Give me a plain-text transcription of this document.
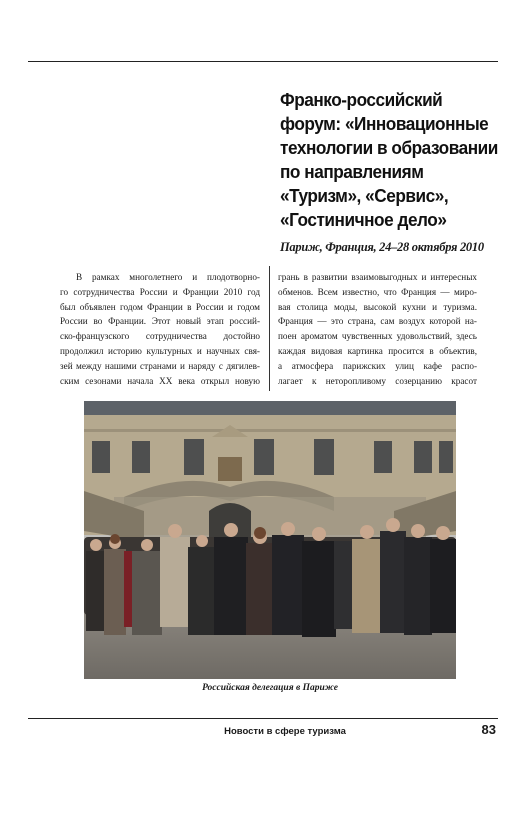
Франко-российский
форум: «Инновационные
технологии в образовании
по направлениям
«Туризм», «Сервис»,
«Гостиничное дело»
Париж, Франция, 24–28 октября 2010
В рамках многолетнего и плодотворно-
го сотрудничества России и Франции 2010 год
был объявлен годом Франции в России и годом
России во Франции. Этот новый этап россий-
ско-французского сотрудничества достойно
продолжил историю культурных и научных свя-
зей между нашими странами и наряду с дягилев-
ским сезонами начала XX века открыл новую
грань в развитии взаимовыгодных и интересных
обменов. Всем известно, что Франция — миро-
вая столица моды, высокой кухни и туризма.
Франция — это страна, сам воздух которой на-
поен ароматом чувственных удовольствий, здесь
каждая видовая картинка просится в объектив,
а атмосфера парижских улиц кафе распо-
лагает к неторопливому созерцанию красот
Российская делегация в Париже
Новости в сфере туризма	83
